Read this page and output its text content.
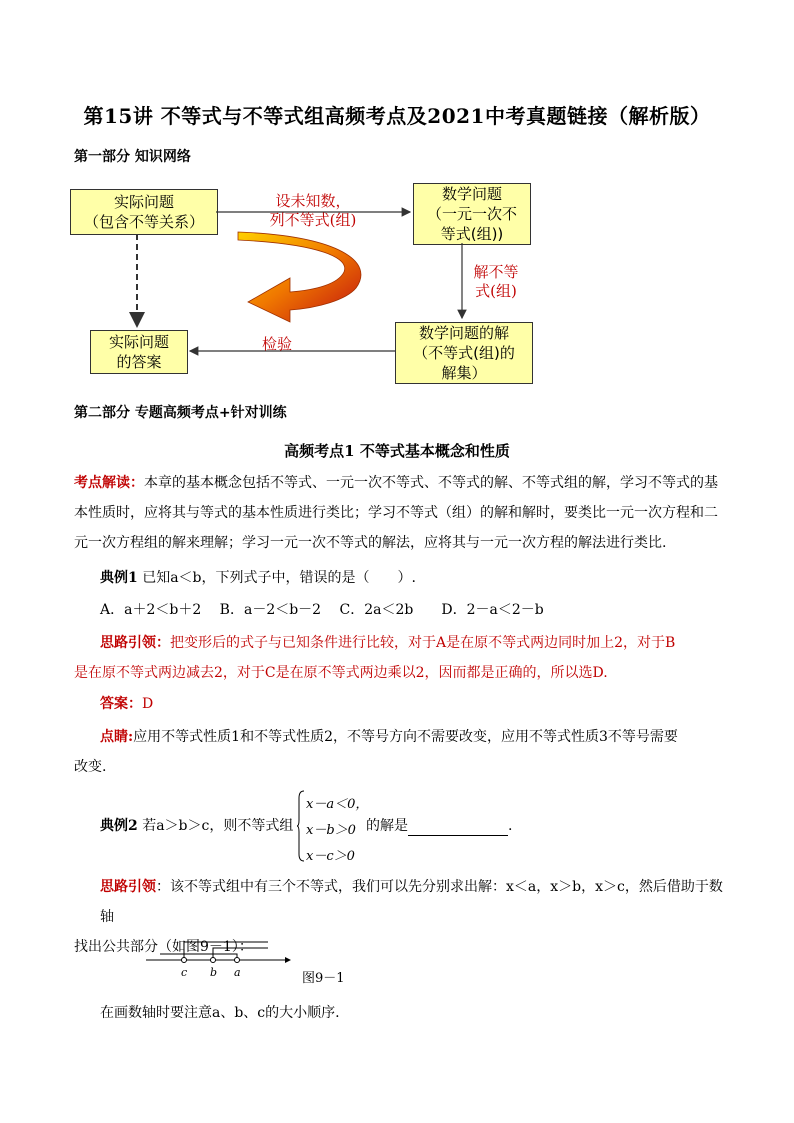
第15讲 不等式与不等式组高频考点及2021中考真题链接（解析版）
第一部分 知识网络
实际问题
（包含不等关系）
数学问题
（一元一次不
等式(组))
数学问题的解
（不等式(组)的
解集）
实际问题
的答案
设未知数，
列不等式(组)
解不等
式(组)
检验
第二部分 专题高频考点+针对训练
高频考点1 不等式基本概念和性质
考点解读：本章的基本概念包括不等式、一元一次不等式、不等式的解、不等式组的解，学习不等式的基
本性质时，应将其与等式的基本性质进行类比；学习不等式（组）的解和解时，要类比一元一次方程和二
元一次方程组的解来理解；学习一元一次不等式的解法，应将其与一元一次方程的解法进行类比.
典例1 已知a＜b，下列式子中，错误的是（　　）.
A．a＋2＜b＋2　 B．a－2＜b－2　 C．2a＜2b　　D．2－a＜2－b
思路引领：把变形后的式子与已知条件进行比较，对于A是在原不等式两边同时加上2，对于B
是在原不等式两边减去2，对于C是在原不等式两边乘以2，因而都是正确的，所以选D.
答案：D
点睛:应用不等式性质1和不等式性质2，不等号方向不需要改变，应用不等式性质3不等号需要
改变.
典例2 若a＞b＞c，则不等式组
x－a＜0，
x－b＞0
x－c＞0
的解是	.
思路引领：该不等式组中有三个不等式，我们可以先分别求出解：x＜a，x＞b，x＞c，然后借助于数轴
找出公共部分（如图9－1）：
c b a	图9－1
在画数轴时要注意a、b、c的大小顺序.
